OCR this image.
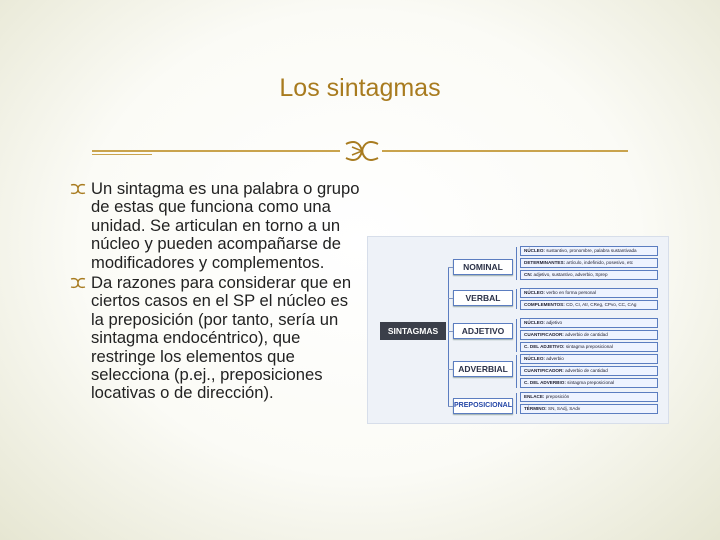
Los sintagmas
Un sintagma es una palabra o grupo de estas que funciona como una unidad. Se articulan en torno a un núcleo y pueden acompañarse de modificadores y complementos.
Da razones para considerar que en ciertos casos en el SP el núcleo es la preposición (por tanto, sería un sintagma endocéntrico), que restringe los elementos que selecciona (p.ej., preposiciones locativas o de dirección).
SINTAGMAS
NOMINAL
NÚCLEO: sustantivo, pronombre, palabra sustantivada
DETERMINANTES: artículo, indefinido, posesivo, etc
CN: adjetivo, sustantivo, adverbio, Sprep
VERBAL
NÚCLEO: verbo en forma personal
COMPLEMENTOS: CD, CI, Atr, CReg, CPvo, CC, CAg
ADJETIVO
NÚCLEO: adjetivo
CUANTIFICADOR: adverbio de cantidad
C. DEL ADJETIVO: sintagma preposicional
ADVERBIAL
NÚCLEO: adverbio
CUANTIFICADOR: adverbio de cantidad
C. DEL ADVERBIO: sintagma preposicional
PREPOSICIONAL
ENLACE: preposición
TÉRMINO: SN, SAdj, SAdv
